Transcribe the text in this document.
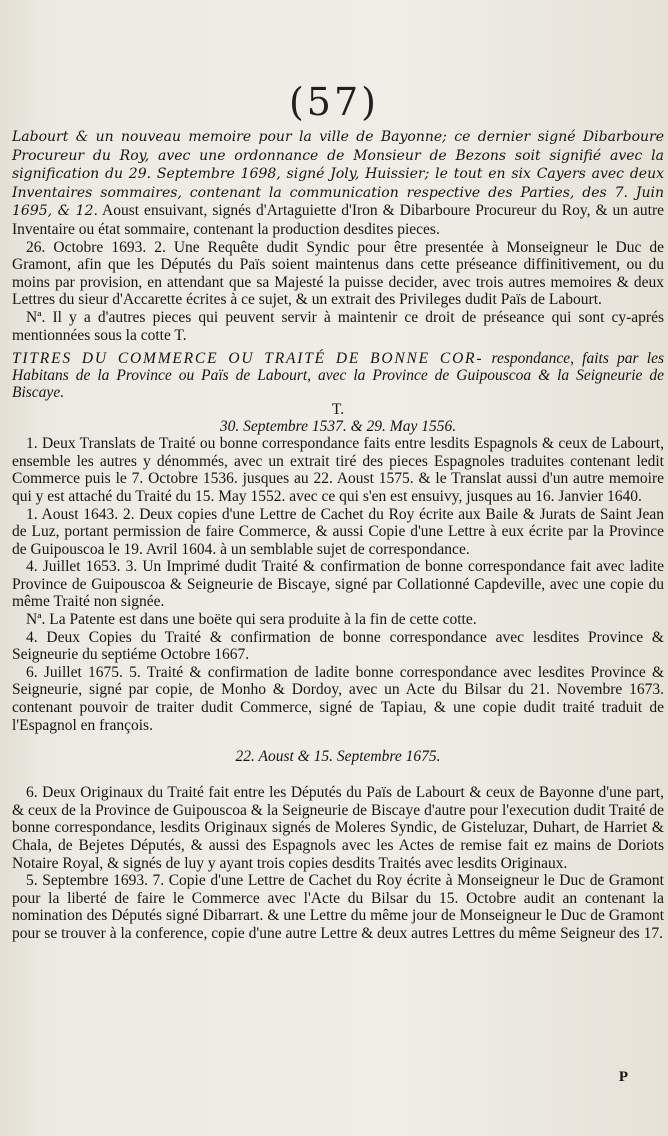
(57)

Labourt & un nouveau memoire pour la ville de Bayonne; ce dernier signé Dibarboure Procureur du Roy, avec une ordonnance de Monsieur de Bezons soit signifié avec la signification du 29. Septembre 1698, signé Joly, Huissier; le tout en six Cayers avec deux Inventaires sommaires, contenant la communication respective des Parties, des 7. Juin 1695, & 12. Aoust ensuivant, signés d'Artaguiette d'Iron & Dibarboure Procureur du Roy, & un autre Inventaire ou état sommaire, contenant la production desdites pieces.

26. Octobre 1693. 2. Une Requête dudit Syndic pour être presentée à Monseigneur le Duc de Gramont, afin que les Députés du Païs soient maintenus dans cette préseance diffinitivement, ou du moins par provision, en attendant que sa Majesté la puisse decider, avec trois autres memoires & deux Lettres du sieur d'Accarette écrites à ce sujet, & un extrait des Privileges dudit Païs de Labourt.

Nª. Il y a d'autres pieces qui peuvent servir à maintenir ce droit de préseance qui sont cy-aprés mentionnées sous la cotte T.

TITRES DU COMMERCE OU TRAITÉ DE BONNE COR- respondance, faits par les Habitans de la Province ou Païs de Labourt, avec la Province de Guipouscoa & la Seigneurie de Biscaye.
T.
30. Septembre 1537. & 29. May 1556.

1. Deux Translats de Traité ou bonne correspondance faits entre lesdits Espagnols & ceux de Labourt, ensemble les autres y dénommés, avec un extrait tiré des pieces Espagnoles traduites contenant ledit Commerce puis le 7. Octobre 1536. jusques au 22. Aoust 1575. & le Translat aussi d'un autre memoire qui y est attaché du Traité du 15. May 1552. avec ce qui s'en est ensuivy, jusques au 16. Janvier 1640.

1. Aoust 1643. 2. Deux copies d'une Lettre de Cachet du Roy écrite aux Baile & Jurats de Saint Jean de Luz, portant permission de faire Commerce, & aussi Copie d'une Lettre à eux écrite par la Province de Guipouscoa le 19. Avril 1604. à un semblable sujet de correspondance.

4. Juillet 1653. 3. Un Imprimé dudit Traité & confirmation de bonne correspondance fait avec ladite Province de Guipouscoa & Seigneurie de Biscaye, signé par Collationné Capdeville, avec une copie du même Traité non signée.

Nª. La Patente est dans une boëte qui sera produite à la fin de cette cotte.

4. Deux Copies du Traité & confirmation de bonne correspondance avec lesdites Province & Seigneurie du septiéme Octobre 1667.

6. Juillet 1675. 5. Traité & confirmation de ladite bonne correspondance avec lesdites Province & Seigneurie, signé par copie, de Monho & Dordoy, avec un Acte du Bilsar du 21. Novembre 1673. contenant pouvoir de traiter dudit Commerce, signé de Tapiau, & une copie dudit traité traduit de l'Espagnol en françois.

22. Aoust & 15. Septembre 1675.

6. Deux Originaux du Traité fait entre les Députés du Païs de Labourt & ceux de Bayonne d'une part, & ceux de la Province de Guipouscoa & la Seigneurie de Biscaye d'autre pour l'execution dudit Traité de bonne correspondance, lesdits Originaux signés de Moleres Syndic, de Gisteluzar, Duhart, de Harriet & Chala, de Bejetes Députés, & aussi des Espagnols avec les Actes de remise fait ez mains de Doriots Notaire Royal, & signés de luy y ayant trois copies desdits Traités avec lesdits Originaux.

5. Septembre 1693. 7. Copie d'une Lettre de Cachet du Roy écrite à Monseigneur le Duc de Gramont pour la liberté de faire le Commerce avec l'Acte du Bilsar du 15. Octobre audit an contenant la nomination des Députés signé Dibarrart. & une Lettre du même jour de Monseigneur le Duc de Gramont pour se trouver à la conference, copie d'une autre Lettre & deux autres Lettres du même Seigneur des 17.

P
